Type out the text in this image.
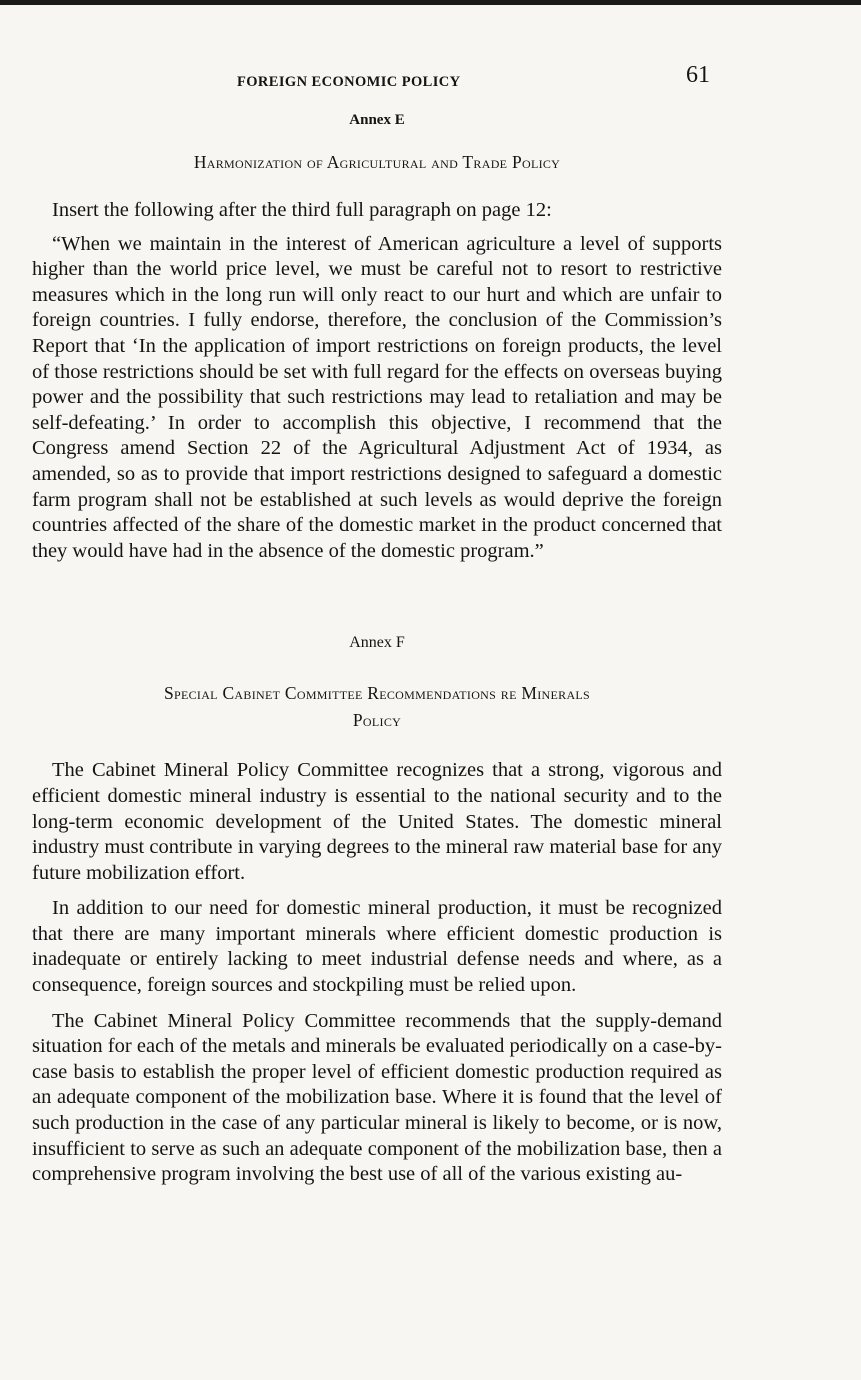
FOREIGN ECONOMIC POLICY	61
Annex E
Harmonization of Agricultural and Trade Policy

Insert the following after the third full paragraph on page 12:

“When we maintain in the interest of American agriculture a level of supports higher than the world price level, we must be careful not to resort to restrictive measures which in the long run will only react to our hurt and which are unfair to foreign countries. I fully endorse, therefore, the conclusion of the Commission’s Report that ‘In the application of import restrictions on foreign products, the level of those restrictions should be set with full regard for the effects on overseas buying power and the possibility that such restrictions may lead to retaliation and may be self-defeating.’ In order to accomplish this objective, I recommend that the Congress amend Section 22 of the Agricultural Adjustment Act of 1934, as amended, so as to provide that import restrictions designed to safeguard a domestic farm program shall not be established at such levels as would deprive the foreign countries affected of the share of the domestic market in the product concerned that they would have had in the absence of the domestic program.”

Annex F
Special Cabinet Committee Recommendations re Minerals
Policy

The Cabinet Mineral Policy Committee recognizes that a strong, vigorous and efficient domestic mineral industry is essential to the national security and to the long-term economic development of the United States. The domestic mineral industry must contribute in varying degrees to the mineral raw material base for any future mobilization effort.

In addition to our need for domestic mineral production, it must be recognized that there are many important minerals where efficient domestic production is inadequate or entirely lacking to meet industrial defense needs and where, as a consequence, foreign sources and stockpiling must be relied upon.

The Cabinet Mineral Policy Committee recommends that the supply-demand situation for each of the metals and minerals be evaluated periodically on a case-by-case basis to establish the proper level of efficient domestic production required as an adequate component of the mobilization base. Where it is found that the level of such production in the case of any particular mineral is likely to become, or is now, insufficient to serve as such an adequate component of the mobilization base, then a comprehensive program involving the best use of all of the various existing au-
